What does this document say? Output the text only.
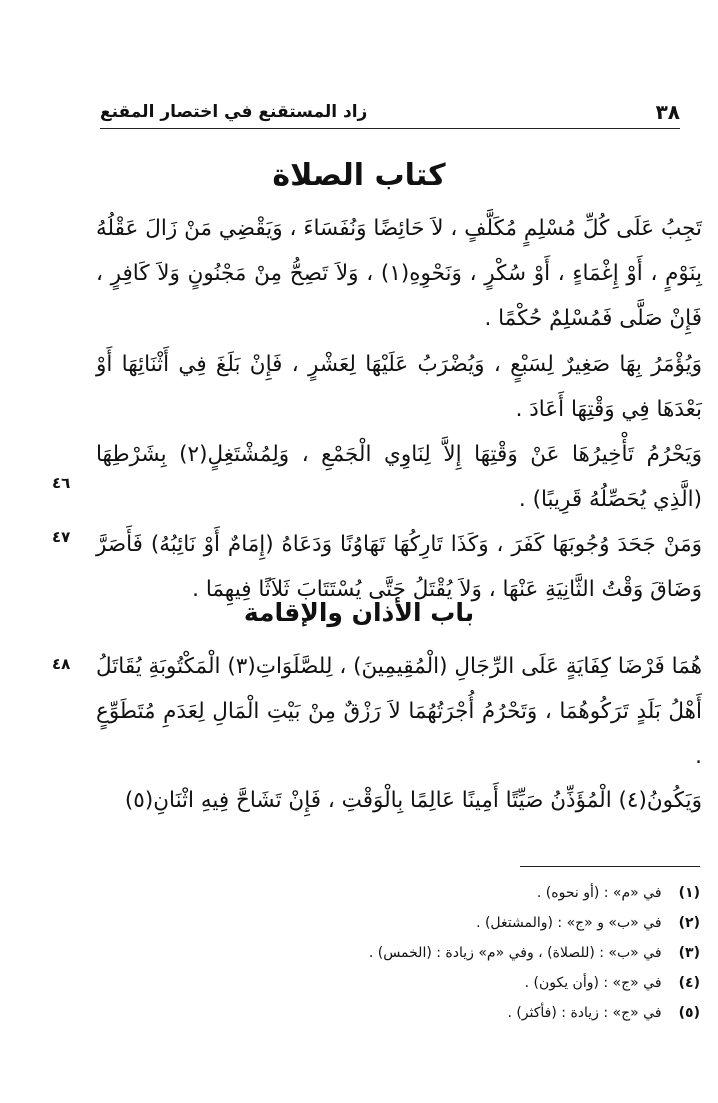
٣٨
زاد المستقنع في اختصار المقنع
كتاب الصلاة

تَجِبُ عَلَى كُلِّ مُسْلِمٍ مُكَلَّفٍ ، لاَ حَائِضًا وَنُفَسَاءَ ، وَيَقْضِي مَنْ زَالَ عَقْلُهُ بِنَوْمٍ ، أَوْ إِغْمَاءٍ ، أَوْ سُكْرٍ ، وَنَحْوِهِ(١) ، وَلاَ تَصِحُّ مِنْ مَجْنُونٍ وَلاَ كَافِرٍ ، فَإِنْ صَلَّى فَمُسْلِمٌ حُكْمًا .

وَيُؤْمَرُ بِهَا صَغِيرٌ لِسَبْعٍ ، وَيُضْرَبُ عَلَيْهَا لِعَشْرٍ ، فَإِنْ بَلَغَ فِي أَثْنَائِهَا أَوْ بَعْدَهَا فِي وَقْتِهَا أَعَادَ .

وَيَحْرُمُ تَأْخِيرُهَا عَنْ وَقْتِهَا إِلاَّ لِنَاوِي الْجَمْعِ ، وَلِمُشْتَغِلٍ(٢) بِشَرْطِهَا (الَّذِي يُحَصِّلُهُ قَرِيبًا) .

وَمَنْ جَحَدَ وُجُوبَهَا كَفَرَ ، وَكَذَا تَارِكُهَا تَهَاوُنًا وَدَعَاهُ (إِمَامٌ أَوْ نَائِبُهُ) فَأَصَرَّ وَضَاقَ وَقْتُ الثَّانِيَةِ عَنْهَا ، وَلاَ يُقْتَلُ حَتَّى يُسْتَتَابَ ثَلاَثًا فِيهِمَا .

٤٦
٤٧
باب الأذان والإقامة

هُمَا فَرْضَا كِفَايَةٍ عَلَى الرِّجَالِ (الْمُقِيمِينَ) ، لِلصَّلَوَاتِ(٣) الْمَكْتُوبَةِ يُقَاتَلُ أَهْلُ بَلَدٍ تَرَكُوهُمَا ، وَتَحْرُمُ أُجْرَتُهُمَا لاَ رَزْقٌ مِنْ بَيْتِ الْمَالِ لِعَدَمِ مُتَطَوِّعٍ .

وَيَكُونُ(٤) الْمُؤَذِّنُ صَيِّتًا أَمِينًا عَالِمًا بِالْوَقْتِ ، فَإِنْ تَشَاحَّ فِيهِ اثْنَانِ(٥)

٤٨
(١) في «م» : (أو نحوه) .
(٢) في «ب» و «ج» : (والمشتغل) .
(٣) في «ب» : (للصلاة) ، وفي «م» زيادة : (الخمس) .
(٤) في «ج» : (وأن يكون) .
(٥) في «ج» : زيادة : (فأكثر) .
